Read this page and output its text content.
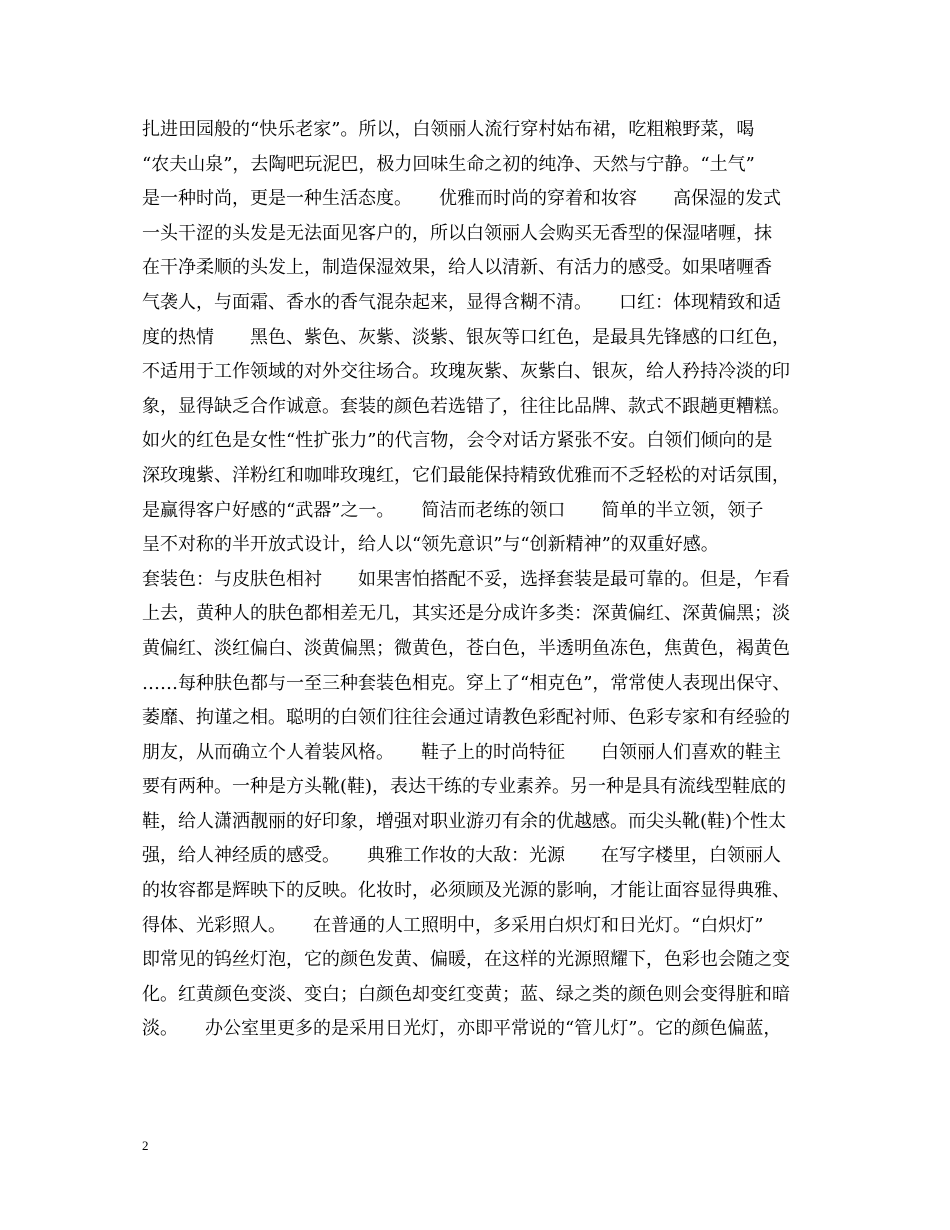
扎进田园般的“快乐老家”。所以，白领丽人流行穿村姑布裙，吃粗粮野菜，喝
“农夫山泉”，去陶吧玩泥巴，极力回味生命之初的纯净、天然与宁静。“土气”
是一种时尚，更是一种生活态度。　　优雅而时尚的穿着和妆容　　高保湿的发式
一头干涩的头发是无法面见客户的，所以白领丽人会购买无香型的保湿啫喱，抹
在干净柔顺的头发上，制造保湿效果，给人以清新、有活力的感受。如果啫喱香
气袭人，与面霜、香水的香气混杂起来，显得含糊不清。　　口红：体现精致和适
度的热情　　黑色、紫色、灰紫、淡紫、银灰等口红色，是最具先锋感的口红色，
不适用于工作领域的对外交往场合。玫瑰灰紫、灰紫白、银灰，给人矜持冷淡的印
象，显得缺乏合作诚意。套装的颜色若选错了，往往比品牌、款式不跟趟更糟糕。
如火的红色是女性“性扩张力”的代言物，会令对话方紧张不安。白领们倾向的是
深玫瑰紫、洋粉红和咖啡玫瑰红，它们最能保持精致优雅而不乏轻松的对话氛围，
是赢得客户好感的“武器”之一。　　简洁而老练的领口　　简单的半立领，领子
呈不对称的半开放式设计，给人以“领先意识”与“创新精神”的双重好感。
套装色：与皮肤色相衬　　如果害怕搭配不妥，选择套装是最可靠的。但是，乍看
上去，黄种人的肤色都相差无几，其实还是分成许多类：深黄偏红、深黄偏黑；淡
黄偏红、淡红偏白、淡黄偏黑；微黄色，苍白色，半透明鱼冻色，焦黄色，褐黄色
……每种肤色都与一至三种套装色相克。穿上了“相克色”，常常使人表现出保守、
萎靡、拘谨之相。聪明的白领们往往会通过请教色彩配衬师、色彩专家和有经验的
朋友，从而确立个人着装风格。　　鞋子上的时尚特征　　白领丽人们喜欢的鞋主
要有两种。一种是方头靴(鞋)，表达干练的专业素养。另一种是具有流线型鞋底的
鞋，给人潇洒靓丽的好印象，增强对职业游刃有余的优越感。而尖头靴(鞋)个性太
强，给人神经质的感受。　　典雅工作妆的大敌：光源　　在写字楼里，白领丽人
的妆容都是辉映下的反映。化妆时，必须顾及光源的影响，才能让面容显得典雅、
得体、光彩照人。　　在普通的人工照明中，多采用白炽灯和日光灯。“白炽灯”
即常见的钨丝灯泡，它的颜色发黄、偏暖，在这样的光源照耀下，色彩也会随之变
化。红黄颜色变淡、变白；白颜色却变红变黄；蓝、绿之类的颜色则会变得脏和暗
淡。　　办公室里更多的是采用日光灯，亦即平常说的“管儿灯”。它的颜色偏蓝，
2
